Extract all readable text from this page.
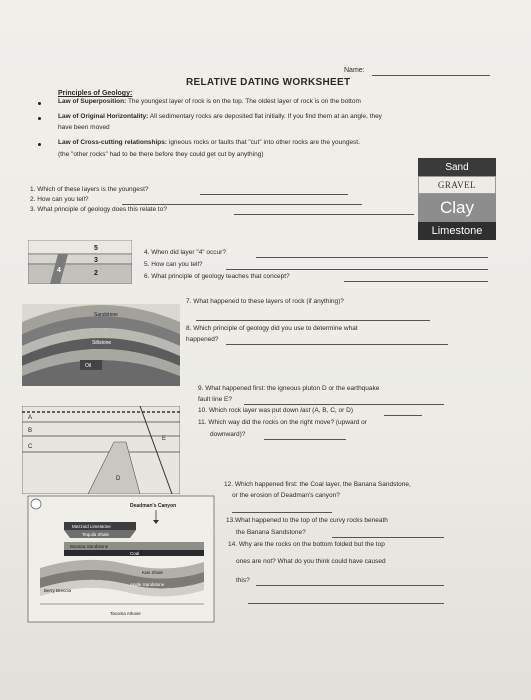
Name:
RELATIVE DATING WORKSHEET
Principles of Geology:
Law of Superposition: The youngest layer of rock is on the top. The oldest layer of rock is on the bottom
Law of Original Horizontality: All sedimentary rocks are deposited flat initially. If you find them at an angle, they
have been moved
Law of Cross-cutting relationships: igneous rocks or faults that "cut" into other rocks are the youngest.
(the "other rocks" had to be there before they could get cut by anything)
Sand
GRAVEL
Clay
Limestone
1. Which of these layers is the youngest?
2. How can you tell?
3. What principle of geology does this relate to?
5
3
4	2
4. When did layer "4" occur?
5. How can you tell?
6. What principle of geology teaches that concept?
Sandstone
Siltstone
Oil
7. What happened to these layers of rock (if anything)?
8. Which principle of geology did you use to determine what
happened?
A
B
C
D
E
9. What happened first: the igneous pluton D or the earthquake
fault line E?
10. Which rock layer was put down last (A, B, C, or D)
11. Which way did the rocks on the right move? (upward or
downward)?
Deadman's Canyon
Mezzoid Limestone
Tequila Shale
Banana Sandstone
Coal
Kiwi Shale
Apple Sandstone
Berry Breccia
Tacoma Arkose
12. Which happened first: the Coal layer, the Banana Sandstone,
or the erosion of Deadman's canyon?
13.What happened to the top of the curvy rocks beneath
the Banana Sandstone?
14. Why are the rocks on the bottom folded but the top
ones are not? What do you think could have caused
this?
